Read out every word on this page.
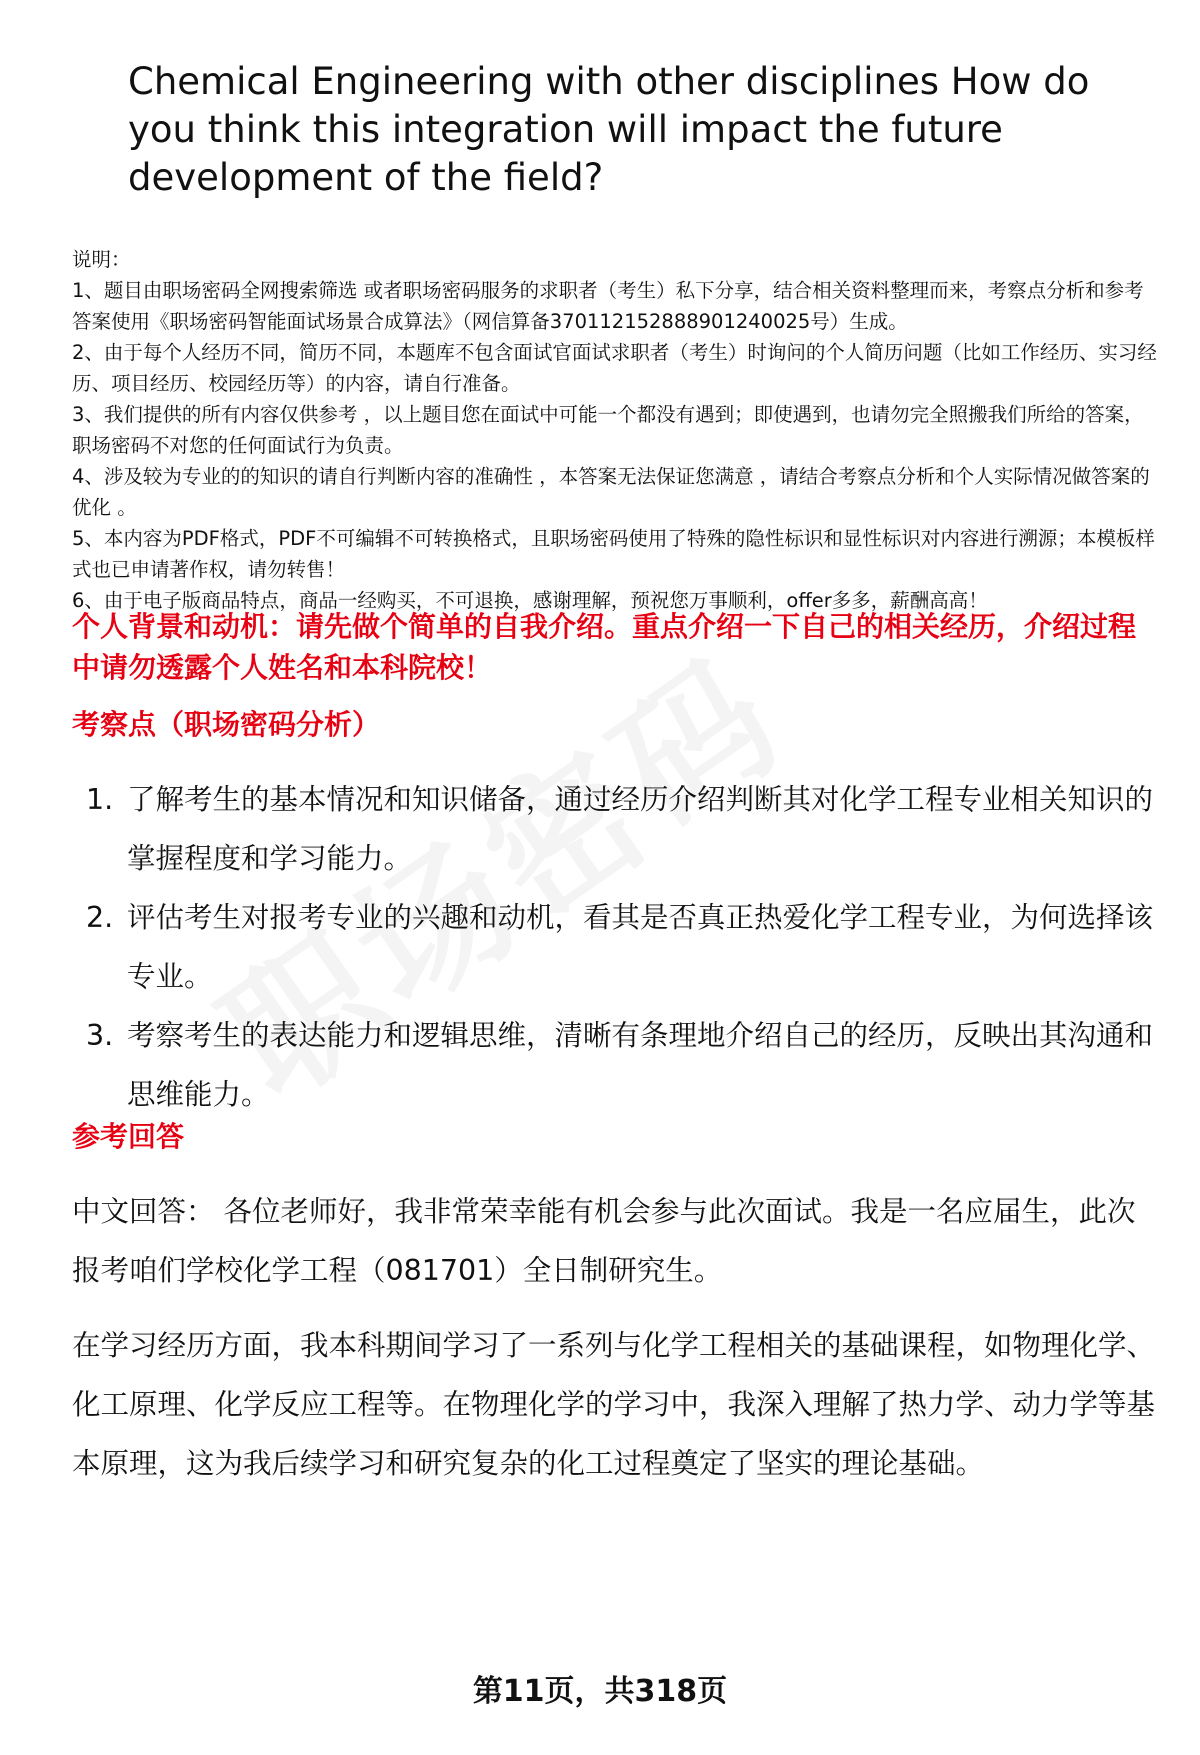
Chemical Engineering with other disciplines How do you think this integration will impact the future development of the field?

说明：

1、题目由职场密码全网搜索筛选 或者职场密码服务的求职者（考生）私下分享，结合相关资料整理而来，考察点分析和参考答案使用《职场密码智能面试场景合成算法》（网信算备370112152888901240025号）生成。

2、由于每个人经历不同，简历不同，本题库不包含面试官面试求职者（考生）时询问的个人简历问题（比如工作经历、实习经历、项目经历、校园经历等）的内容，请自行准备。

3、我们提供的所有内容仅供参考 ，以上题目您在面试中可能一个都没有遇到；即使遇到，也请勿完全照搬我们所给的答案，职场密码不对您的任何面试行为负责。

4、涉及较为专业的的知识的请自行判断内容的准确性 ，本答案无法保证您满意 ，请结合考察点分析和个人实际情况做答案的优化 。

5、本内容为PDF格式，PDF不可编辑不可转换格式，且职场密码使用了特殊的隐性标识和显性标识对内容进行溯源；本模板样式也已申请著作权，请勿转售！

6、由于电子版商品特点，商品一经购买，不可退换，感谢理解，预祝您万事顺利，offer多多，薪酬高高！

个人背景和动机：请先做个简单的自我介绍。重点介绍一下自己的相关经历，介绍过程中请勿透露个人姓名和本科院校！
考察点（职场密码分析）
1. 了解考生的基本情况和知识储备，通过经历介绍判断其对化学工程专业相关知识的掌握程度和学习能力。
2. 评估考生对报考专业的兴趣和动机，看其是否真正热爱化学工程专业，为何选择该专业。
3. 考察考生的表达能力和逻辑思维，清晰有条理地介绍自己的经历，反映出其沟通和思维能力。
参考回答

中文回答： 各位老师好，我非常荣幸能有机会参与此次面试。我是一名应届生，此次报考咱们学校化学工程（081701）全日制研究生。

在学习经历方面，我本科期间学习了一系列与化学工程相关的基础课程，如物理化学、化工原理、化学反应工程等。在物理化学的学习中，我深入理解了热力学、动力学等基本原理，这为我后续学习和研究复杂的化工过程奠定了坚实的理论基础。

第11页，共318页
